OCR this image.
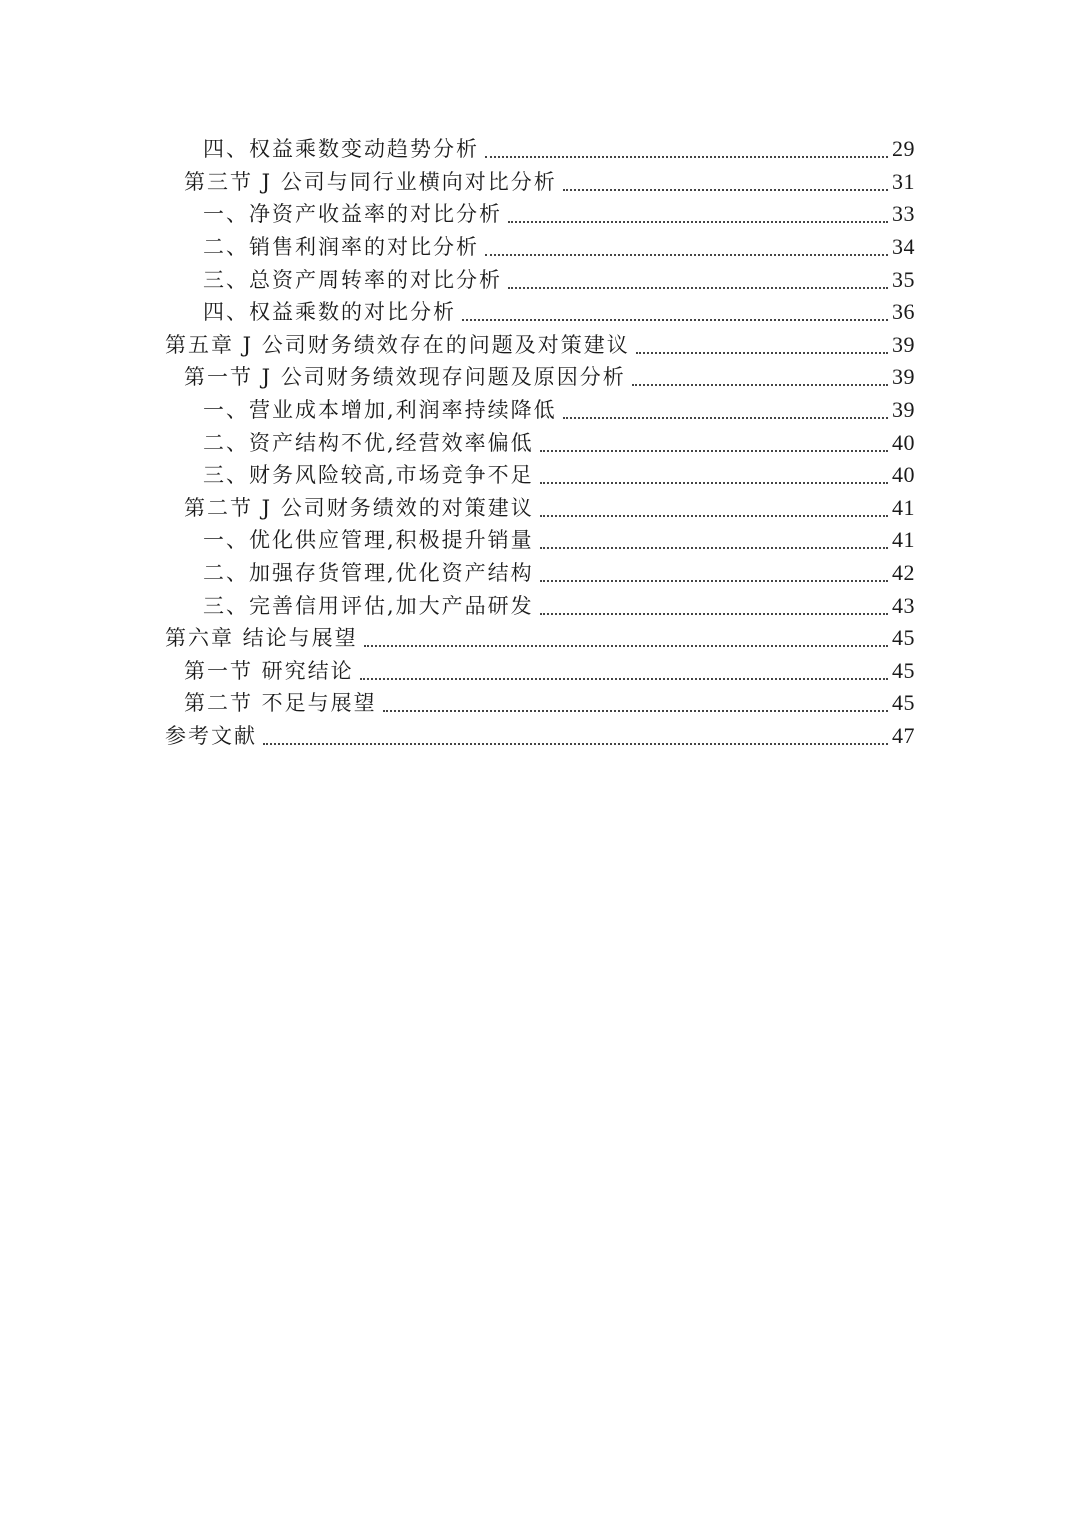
四、权益乘数变动趋势分析	29
第三节 J 公司与同行业横向对比分析	31
一、净资产收益率的对比分析	33
二、销售利润率的对比分析	34
三、总资产周转率的对比分析	35
四、权益乘数的对比分析	36
第五章 J 公司财务绩效存在的问题及对策建议	39
第一节 J 公司财务绩效现存问题及原因分析	39
一、营业成本增加,利润率持续降低	39
二、资产结构不优,经营效率偏低	40
三、财务风险较高,市场竞争不足	40
第二节 J 公司财务绩效的对策建议	41
一、优化供应管理,积极提升销量	41
二、加强存货管理,优化资产结构	42
三、完善信用评估,加大产品研发	43
第六章 结论与展望	45
第一节 研究结论	45
第二节 不足与展望	45
参考文献	47
